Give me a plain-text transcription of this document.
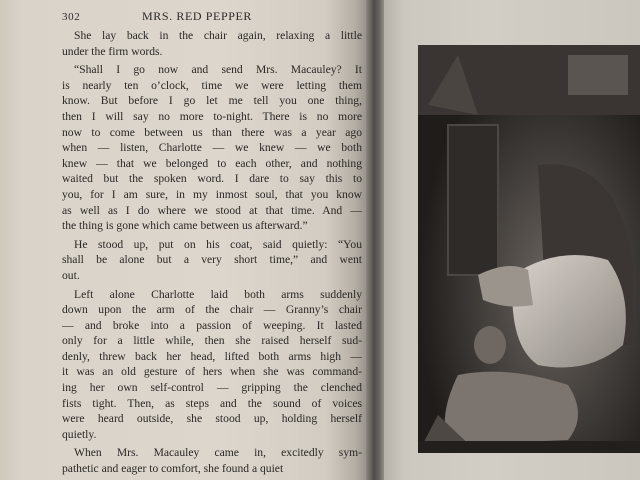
302	MRS. RED PEPPER
She lay back in the chair again, relaxing a little
under the firm words.
“Shall I go now and send Mrs. Macauley? It
is nearly ten o’clock, time we were letting them
know. But before I go let me tell you one thing,
then I will say no more to-night. There is no more
now to come between us than there was a year ago
when — listen, Charlotte — we knew — we both
knew — that we belonged to each other, and nothing
waited but the spoken word. I dare to say this to
you, for I am sure, in my inmost soul, that you know
as well as I do where we stood at that time. And —
the thing is gone which came between us afterward.”
He stood up, put on his coat, said quietly: “You
shall be alone but a very short time,” and went
out.
Left alone Charlotte laid both arms suddenly
down upon the arm of the chair — Granny’s chair
— and broke into a passion of weeping. It lasted
only for a little while, then she raised herself sud-
denly, threw back her head, lifted both arms high —
it was an old gesture of hers when she was command-
ing her own self-control — gripping the clenched
fists tight. Then, as steps and the sound of voices
were heard outside, she stood up, holding herself
quietly.
When Mrs. Macauley came in, excitedly sym-
pathetic and eager to comfort, she found a quiet
